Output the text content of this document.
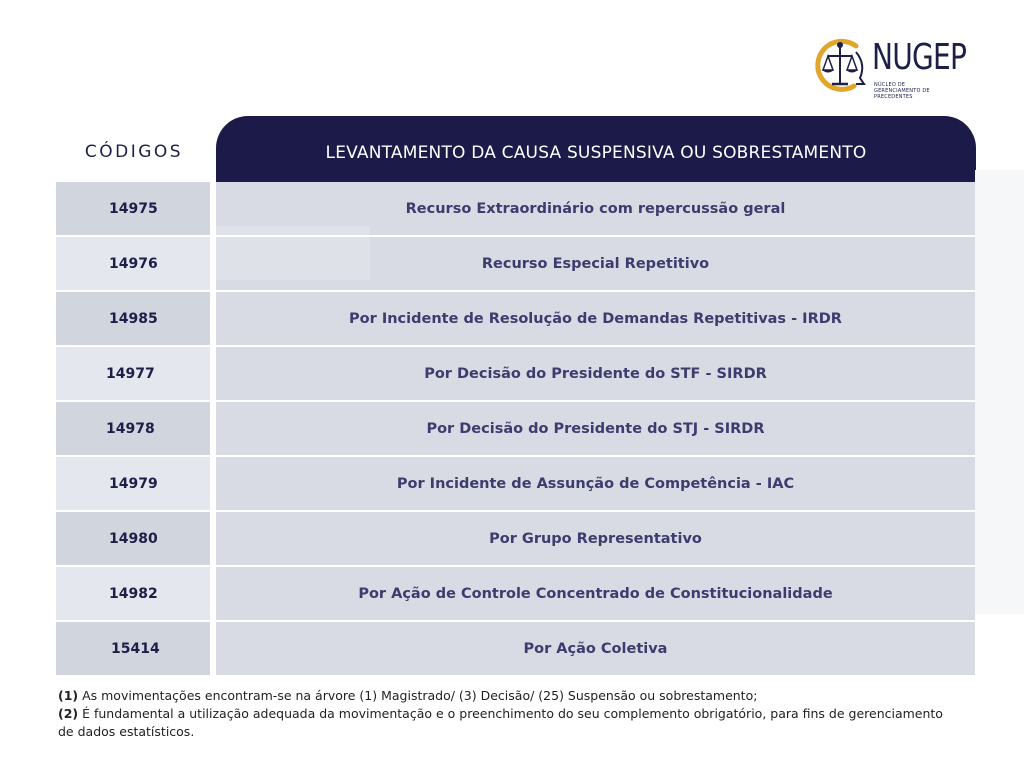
NUGEP
NÚCLEO DE GERENCIAMENTO DE PRECEDENTES
CÓDIGOS	LEVANTAMENTO DA CAUSA SUSPENSIVA OU SOBRESTAMENTO
14975
14976
14985
14977
14978
14979
14980
14982
15414
Recurso Extraordinário com repercussão geral
Recurso Especial Repetitivo
Por Incidente de Resolução de Demandas Repetitivas - IRDR
Por Decisão do Presidente do STF - SIRDR
Por Decisão do Presidente do STJ - SIRDR
Por Incidente de Assunção de Competência - IAC
Por Grupo Representativo
Por Ação de Controle Concentrado de Constitucionalidade
Por Ação Coletiva
(1) As movimentações encontram-se na árvore (1) Magistrado/ (3) Decisão/ (25) Suspensão ou sobrestamento;
(2) É fundamental a utilização adequada da movimentação e o preenchimento do seu complemento obrigatório, para fins de gerenciamento de dados estatísticos.
